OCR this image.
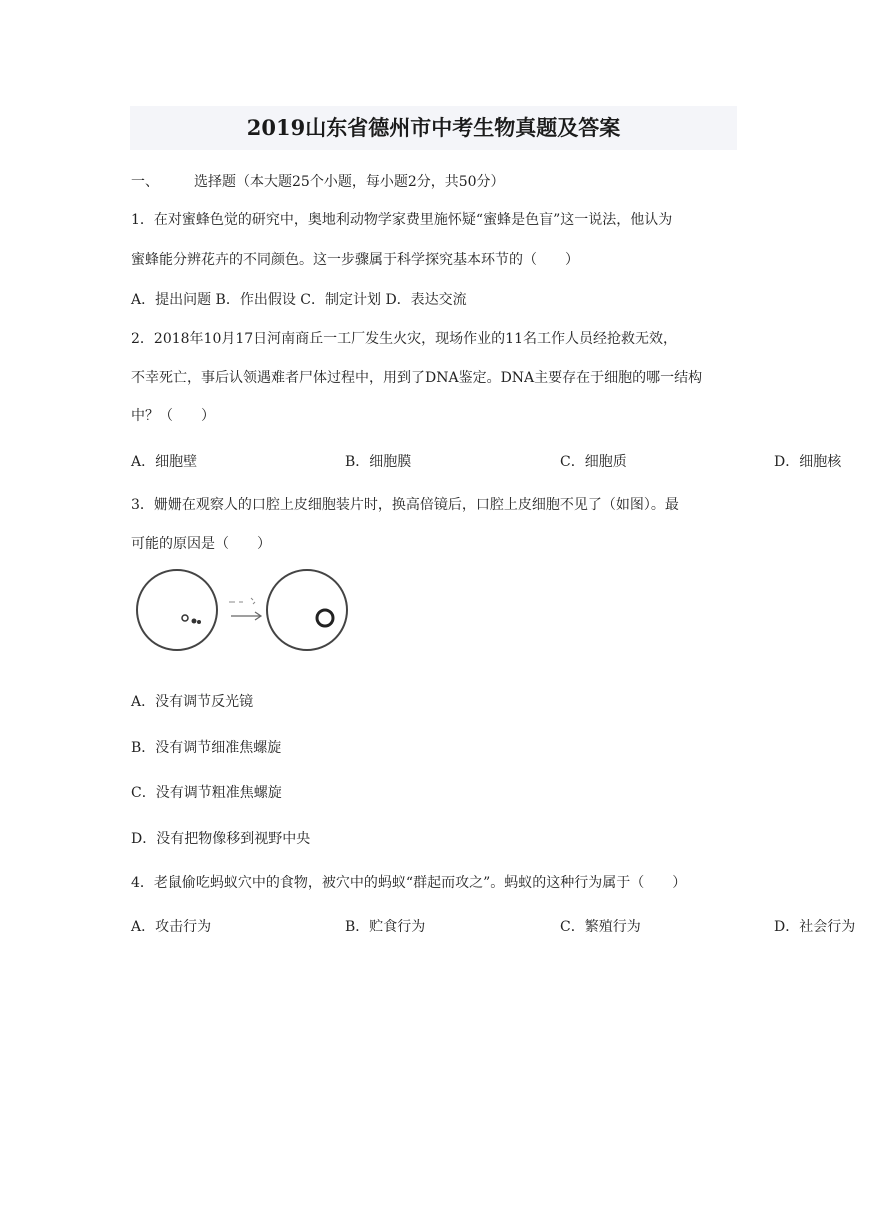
2019山东省德州市中考生物真题及答案
一、	选择题（本大题25个小题，每小题2分，共50分）
1．在对蜜蜂色觉的研究中，奥地利动物学家费里施怀疑“蜜蜂是色盲”这一说法，他认为
蜜蜂能分辨花卉的不同颜色。这一步骤属于科学探究基本环节的（　　）
A．提出问题 B．作出假设 C．制定计划 D．表达交流
2．2018年10月17日河南商丘一工厂发生火灾，现场作业的11名工作人员经抢救无效，
不幸死亡，事后认领遇难者尸体过程中，用到了DNA鉴定。DNA主要存在于细胞的哪一结构
中？（　　）
A．细胞壁	B．细胞膜	C．细胞质	D．细胞核
3．姗姗在观察人的口腔上皮细胞装片时，换高倍镜后，口腔上皮细胞不见了（如图）。最
可能的原因是（　　）
A．没有调节反光镜
B．没有调节细准焦螺旋
C．没有调节粗准焦螺旋
D．没有把物像移到视野中央
4．老鼠偷吃蚂蚁穴中的食物，被穴中的蚂蚁“群起而攻之”。蚂蚁的这种行为属于（　　）
A．攻击行为	B．贮食行为	C．繁殖行为	D．社会行为
